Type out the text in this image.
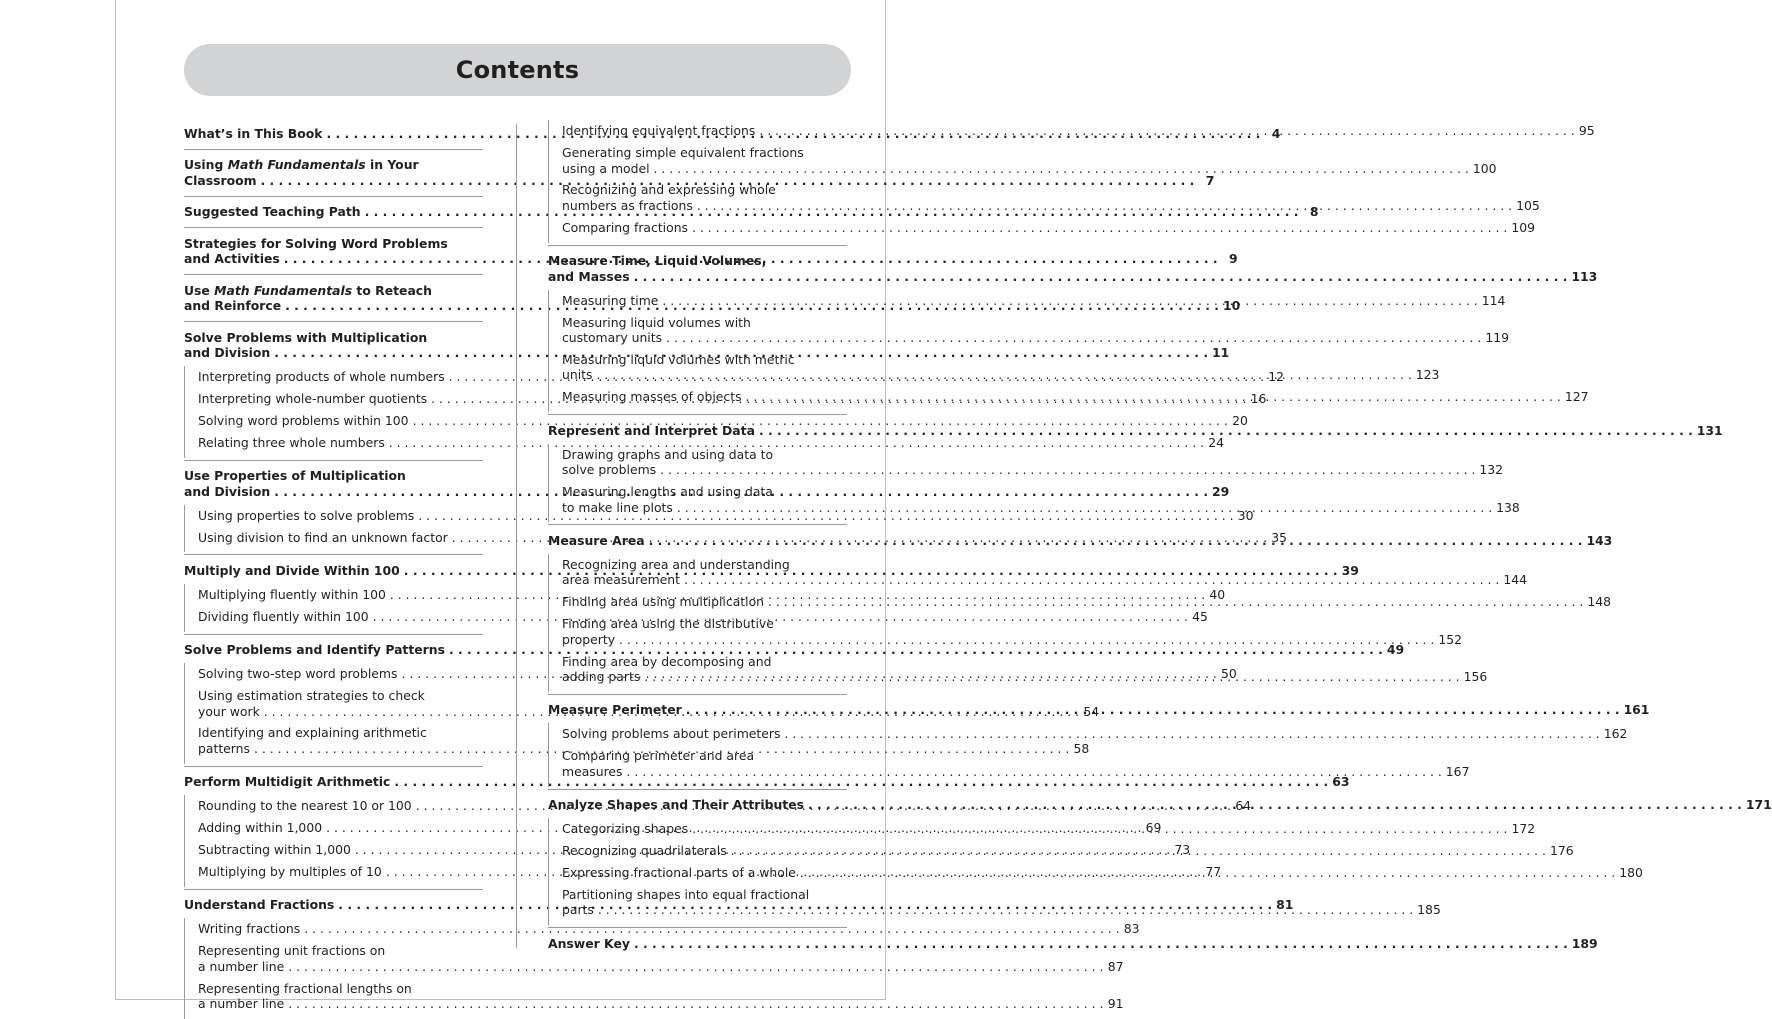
Contents
What’s in This Book . . .	4
Using Math Fundamentals in Your
Classroom . . .	7
Suggested Teaching Path . . .	8
Strategies for Solving Word Problems
and Activities . . .	9
Use Math Fundamentals to Reteach
and Reinforce . . .	10
Solve Problems with Multiplication
and Division . . .	11
Interpreting products of whole numbers . . .	12
Interpreting whole-number quotients . . .	16
Solving word problems within 100 . . .	20
Relating three whole numbers . . .	24
Use Properties of Multiplication
and Division . . .	29
Using properties to solve problems . . .	30
Using division to find an unknown factor . . .	35
Multiply and Divide Within 100 . . .	39
Multiplying fluently within 100 . . .	40
Dividing fluently within 100 . . .	45
Solve Problems and Identify Patterns . . .	49
Solving two-step word problems . . .	50
Using estimation strategies to check
your work . . .	54
Identifying and explaining arithmetic
patterns . . .	58
Perform Multidigit Arithmetic . . .	63
Rounding to the nearest 10 or 100 . . .	64
Adding within 1,000 . . .	69
Subtracting within 1,000 . . .	73
Multiplying by multiples of 10 . . .	77
Understand Fractions . . .	81
Writing fractions . . .	83
Representing unit fractions on
a number line . . .	87
Representing fractional lengths on
a number line . . .	91
Identifying equivalent fractions . . .	95
Generating simple equivalent fractions
using a model . . .	100
Recognizing and expressing whole
numbers as fractions . . .	105
Comparing fractions . . .	109
Measure Time, Liquid Volumes,
and Masses . . .	113
Measuring time . . .	114
Measuring liquid volumes with
customary units . . .	119
Measuring liquid volumes with metric
units . . .	123
Measuring masses of objects . . .	127
Represent and Interpret Data . . .	131
Drawing graphs and using data to
solve problems . . .	132
Measuring lengths and using data
to make line plots . . .	138
Measure Area . . .	143
Recognizing area and understanding
area measurement . . .	144
Finding area using multiplication . . .	148
Finding area using the distributive
property . . .	152
Finding area by decomposing and
adding parts . . .	156
Measure Perimeter . . .	161
Solving problems about perimeters . . .	162
Comparing perimeter and area
measures . . .	167
Analyze Shapes and Their Attributes . . .	171
Categorizing shapes . . .	172
Recognizing quadrilaterals . . .	176
Expressing fractional parts of a whole . . .	180
Partitioning shapes into equal fractional
parts . . .	185
Answer Key . . .	189
